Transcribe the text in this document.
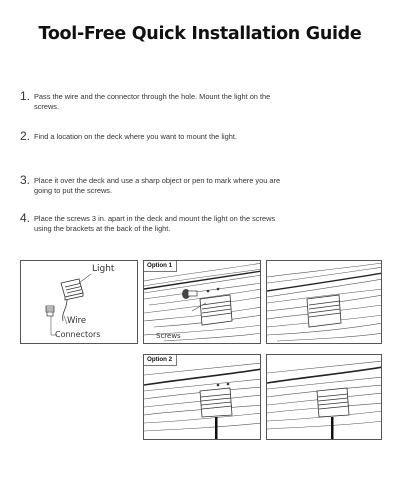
Tool-Free Quick Installation Guide
1. Pass the wire and the connector through the hole. Mount the light on the screws.
2. Find a location on the deck where you want to mount the light.
3. Place it over the deck and use a sharp object or pen to mark where you are going to put the screws.
4. Place the screws 3 in. apart in the deck and mount the light on the screws using the brackets at the back of the light.
Light
Wire
Connectors
Option 1
Screws
Option 2
